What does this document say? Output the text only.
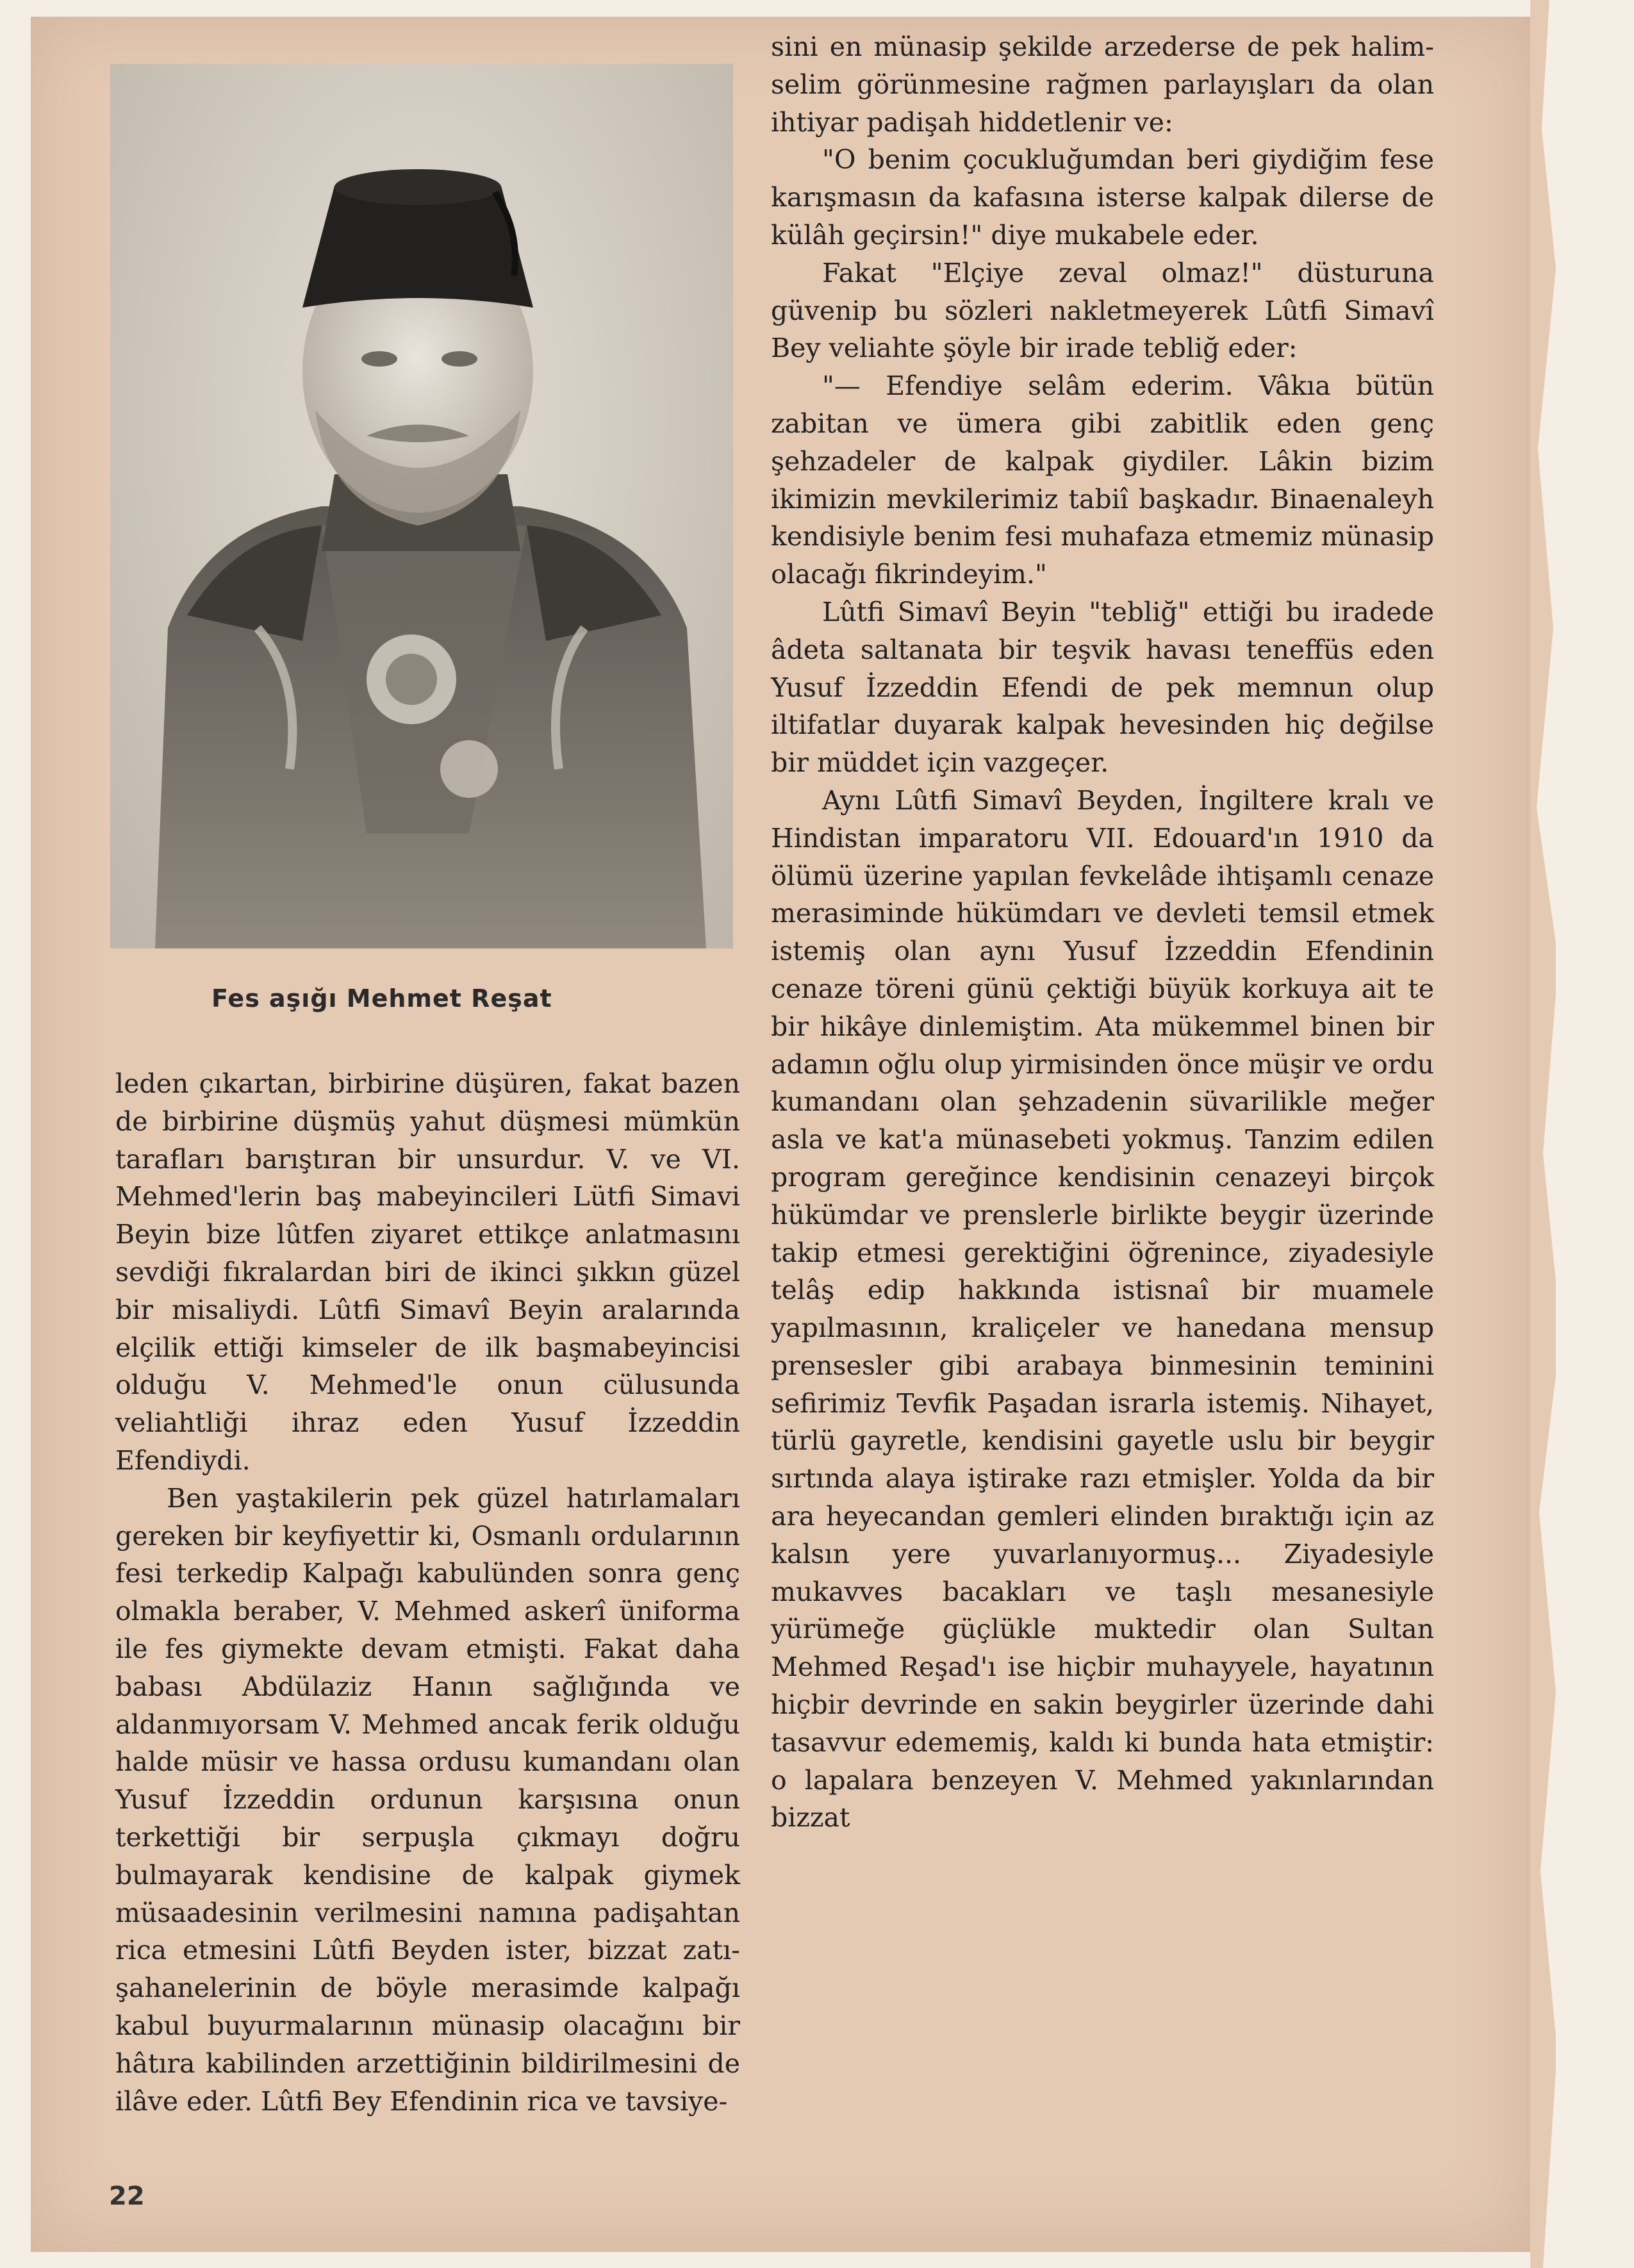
Fes aşığı Mehmet Reşat

leden çıkartan, birbirine düşüren, fakat bazen de birbirine düşmüş yahut düşmesi mümkün tarafları barıştıran bir unsurdur. V. ve VI. Mehmed'lerin baş mabeyincileri Lütfi Simavi Beyin bize lûtfen ziyaret ettikçe anlatmasını sevdiği fıkralardan biri de ikinci şıkkın güzel bir misaliydi. Lûtfi Simavî Beyin aralarında elçilik ettiği kimseler de ilk başmabeyincisi olduğu V. Mehmed'le onun cülusunda veliahtliği ihraz eden Yusuf İzzeddin Efendiydi.

Ben yaştakilerin pek güzel hatırlamaları gereken bir keyfiyettir ki, Osmanlı ordularının fesi terkedip Kalpağı kabulünden sonra genç olmakla beraber, V. Mehmed askerî üniforma ile fes giymekte devam etmişti. Fakat daha babası Abdülaziz Hanın sağlığında ve aldanmıyorsam V. Mehmed ancak ferik olduğu halde müsir ve hassa ordusu kumandanı olan Yusuf İzzeddin ordunun karşısına onun terkettiği bir serpuşla çıkmayı doğru bulmayarak kendisine de kalpak giymek müsaadesinin verilmesini namına padişahtan rica etmesini Lûtfi Beyden ister, bizzat zatı-şahanelerinin de böyle merasimde kalpağı kabul buyurmalarının münasip olacağını bir hâtıra kabilinden arzettiğinin bildirilmesini de ilâve eder. Lûtfi Bey Efendinin rica ve tavsiye-

sini en münasip şekilde arzederse de pek halim-selim görünmesine rağmen parlayışları da olan ihtiyar padişah hiddetlenir ve:

"O benim çocukluğumdan beri giydiğim fese karışmasın da kafasına isterse kalpak dilerse de külâh geçirsin!" diye mukabele eder.

Fakat "Elçiye zeval olmaz!" düsturuna güvenip bu sözleri nakletmeyerek Lûtfi Simavî Bey veliahte şöyle bir irade tebliğ eder:

"— Efendiye selâm ederim. Vâkıa bütün zabitan ve ümera gibi zabitlik eden genç şehzadeler de kalpak giydiler. Lâkin bizim ikimizin mevkilerimiz tabiî başkadır. Binaenaleyh kendisiyle benim fesi muhafaza etmemiz münasip olacağı fikrindeyim."

Lûtfi Simavî Beyin "tebliğ" ettiği bu iradede âdeta saltanata bir teşvik havası teneffüs eden Yusuf İzzeddin Efendi de pek memnun olup iltifatlar duyarak kalpak hevesinden hiç değilse bir müddet için vazgeçer.

Aynı Lûtfi Simavî Beyden, İngiltere kralı ve Hindistan imparatoru VII. Edouard'ın 1910 da ölümü üzerine yapılan fevkelâde ihtişamlı cenaze merasiminde hükümdarı ve devleti temsil etmek istemiş olan aynı Yusuf İzzeddin Efendinin cenaze töreni günü çektiği büyük korkuya ait te bir hikâye dinlemiştim. Ata mükemmel binen bir adamın oğlu olup yirmisinden önce müşir ve ordu kumandanı olan şehzadenin süvarilikle meğer asla ve kat'a münasebeti yokmuş. Tanzim edilen program gereğince kendisinin cenazeyi birçok hükümdar ve prenslerle birlikte beygir üzerinde takip etmesi gerektiğini öğrenince, ziyadesiyle telâş edip hakkında istisnaî bir muamele yapılmasının, kraliçeler ve hanedana mensup prensesler gibi arabaya binmesinin teminini sefirimiz Tevfik Paşadan israrla istemiş. Nihayet, türlü gayretle, kendisini gayetle uslu bir beygir sırtında alaya iştirake razı etmişler. Yolda da bir ara heyecandan gemleri elinden bıraktığı için az kalsın yere yuvarlanıyormuş... Ziyadesiyle mukavves bacakları ve taşlı mesanesiyle yürümeğe güçlükle muktedir olan Sultan Mehmed Reşad'ı ise hiçbir muhayyele, hayatının hiçbir devrinde en sakin beygirler üzerinde dahi tasavvur edememiş, kaldı ki bunda hata etmiştir: o lapalara benzeyen V. Mehmed yakınlarından bizzat

22
